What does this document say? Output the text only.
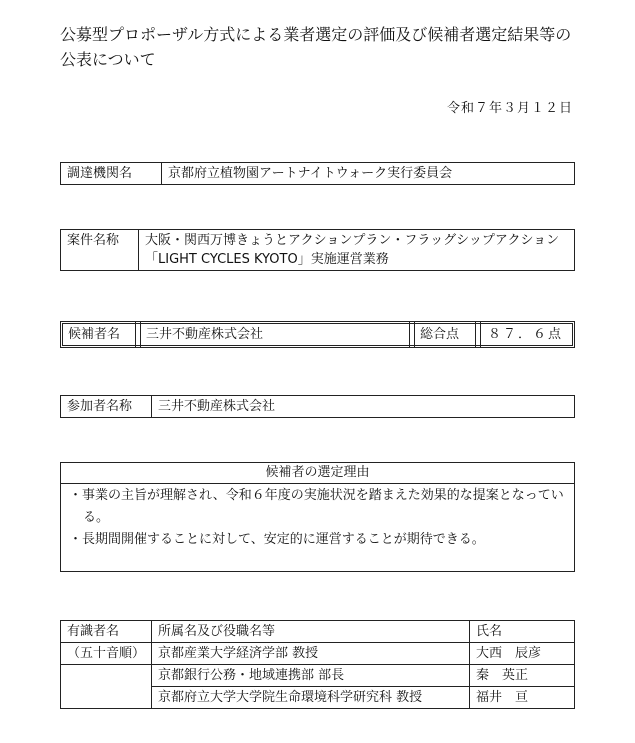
公募型プロポーザル方式による業者選定の評価及び候補者選定結果等の公表について
令和７年３月１２日
調達機関名	京都府立植物園アートナイトウォーク実行委員会
案件名称	大阪・関西万博きょうとアクションプラン・フラッグシップアクション「LIGHT CYCLES KYOTO」実施運営業務
候補者名	三井不動産株式会社	総合点	８７．６点
参加者名称	三井不動産株式会社
候補者の選定理由
・事業の主旨が理解され、令和６年度の実施状況を踏まえた効果的な提案となっている。
・長期間開催することに対して、安定的に運営することが期待できる。
有識者名	所属名及び役職名等	氏名
（五十音順）	京都産業大学経済学部 教授	大西　辰彦
	京都銀行公務・地域連携部 部長	秦　英正
	京都府立大学大学院生命環境科学研究科 教授	福井　亘
